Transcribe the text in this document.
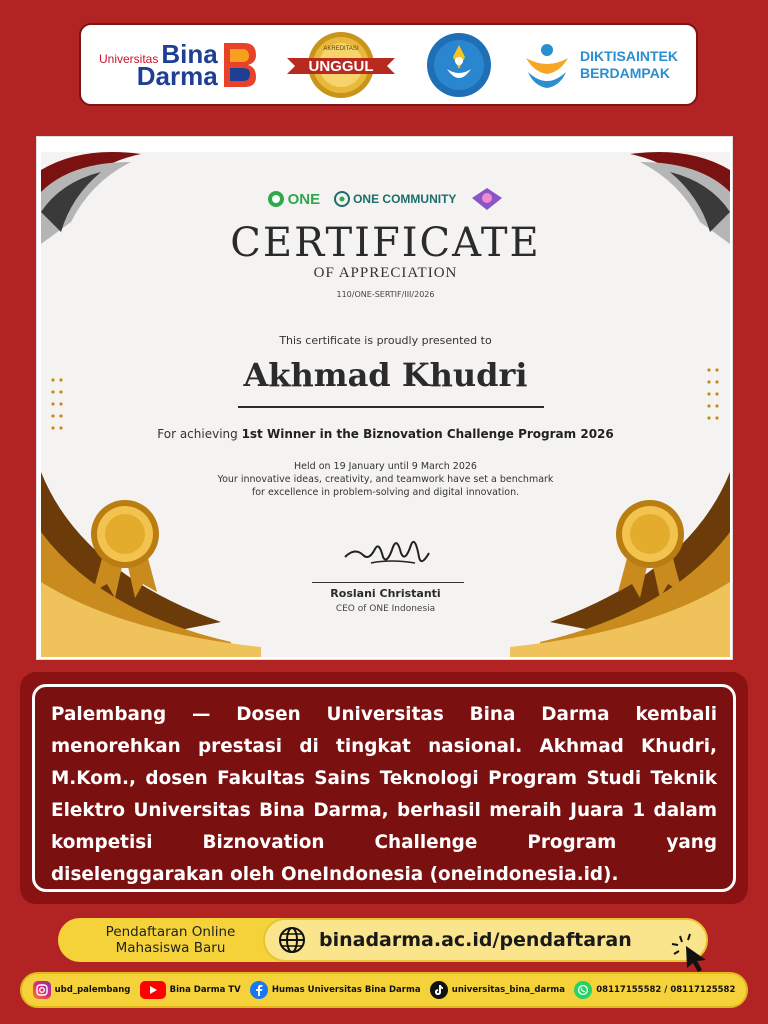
Universitas Bina
Darma	UNGGUL
AKREDITASI	DIKTISAINTEK
BERDAMPAK
ONE	ONE COMMUNITY
CERTIFICATE
OF APPRECIATION
110/ONE-SERTIF/III/2026
This certificate is proudly presented to
Akhmad Khudri
For achieving 1st Winner in the Biznovation Challenge Program 2026
Held on 19 January until 9 March 2026
Your innovative ideas, creativity, and teamwork have set a benchmark
for excellence in problem-solving and digital innovation.
Roslani Christanti
CEO of ONE Indonesia

Palembang — Dosen Universitas Bina Darma kembali menorehkan prestasi di tingkat nasional. Akhmad Khudri, M.Kom., dosen Fakultas Sains Teknologi Program Studi Teknik Elektro Universitas Bina Darma, berhasil meraih Juara 1 dalam kompetisi Biznovation Challenge Program yang diselenggarakan oleh OneIndonesia (oneindonesia.id).

Pendaftaran Online
Mahasiswa Baru	binadarma.ac.id/pendaftaran
ubd_palembang	Bina Darma TV	Humas Universitas Bina Darma	universitas_bina_darma	08117155582 / 08117125582
